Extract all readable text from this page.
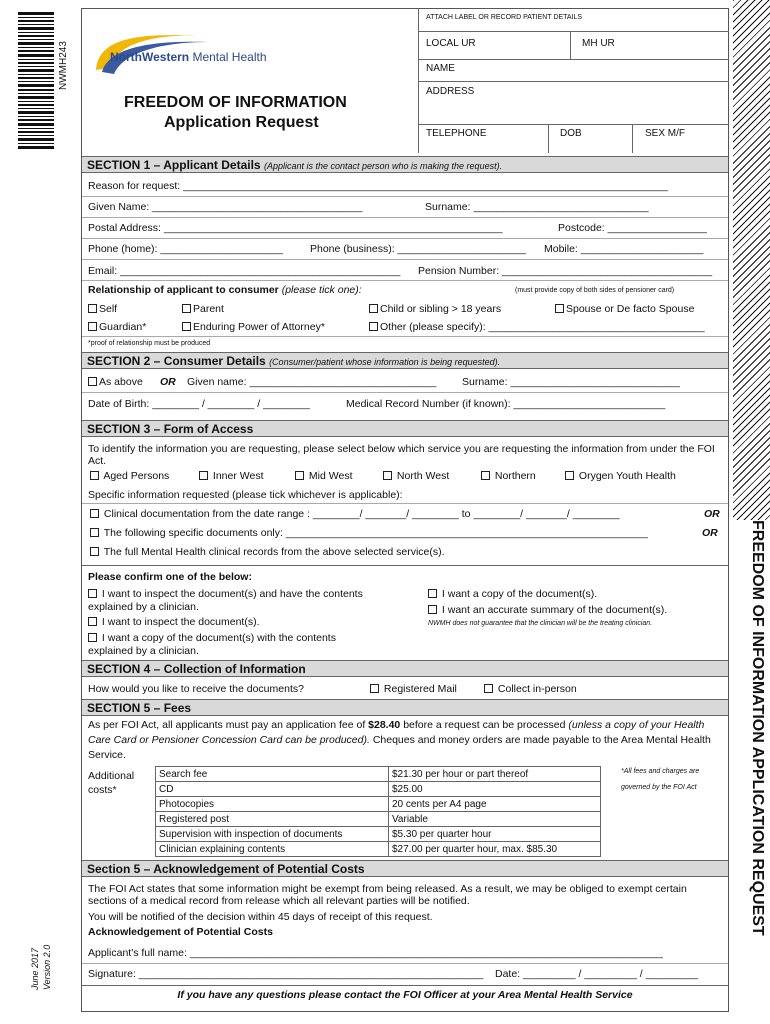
NWMH243
FREEDOM OF INFORMATION APPLICATION REQUEST
June 2017 Version 2.0
NorthWestern Mental Health
FREEDOM OF INFORMATION
Application Request
ATTACH LABEL OR RECORD PATIENT DETAILS
LOCAL UR	MH UR
NAME
ADDRESS
TELEPHONE	DOB	SEX M/F
SECTION 1 – Applicant Details (Applicant is the contact person who is making the request).
Reason for request: ___________________________________________________________________________________
Given Name: ____________________________________	Surname: ______________________________
Postal Address: __________________________________________________________	Postcode: _________________
Phone (home): _____________________	Phone (business): ______________________ Mobile: _____________________
Email: ________________________________________________ Pension Number: ____________________________________
Relationship of applicant to consumer (please tick one):	(must provide copy of both sides of pensioner card)
Self	Parent	Child or sibling > 18 years	Spouse or De facto Spouse
Guardian*	Enduring Power of Attorney*	Other (please specify): _____________________________________
*proof of relationship must be produced
SECTION 2 – Consumer Details (Consumer/patient whose information is being requested).
As above OR Given name: ________________________________ Surname: _____________________________
Date of Birth: ________ / ________ / ________	Medical Record Number (if known): __________________________
SECTION 3 – Form of Access
To identify the information you are requesting, please select below which service you are requesting the information from under the FOI Act.
Aged Persons	Inner West	Mid West	North West	Northern	Orygen Youth Health
Specific information requested (please tick whichever is applicable):
Clinical documentation from the date range : ________/ _______/ ________ to ________/ _______/ ________	OR
The following specific documents only: ______________________________________________________________	OR
The full Mental Health clinical records from the above selected service(s).
Please confirm one of the below:
I want to inspect the document(s) and have the contents
explained by a clinician.
I want to inspect the document(s).
I want a copy of the document(s) with the contents
explained by a clinician.
I want a copy of the document(s).
I want an accurate summary of the document(s).
NWMH does not guarantee that the clinician will be the treating clinician.
SECTION 4 – Collection of Information
How would you like to receive the documents?	Registered Mail	Collect in-person
SECTION 5 – Fees
As per FOI Act, all applicants must pay an application fee of $28.40 before a request can be processed (unless a copy of your Health Care Card or Pensioner Concession Card can be produced). Cheques and money orders are made payable to the Area Mental Health Service.
Additional
costs*
Search fee	$21.30 per hour or part thereof
CD	$25.00
Photocopies	20 cents per A4 page
Registered post	Variable
Supervision with inspection of documents	$5.30 per quarter hour
Clinician explaining contents	$27.00 per quarter hour, max. $85.30
*All fees and charges are
governed by the FOI Act
Section 5 – Acknowledgement of Potential Costs
The FOI Act states that some information might be exempt from being released. As a result, we may be obliged to exempt certain sections of a medical record from release which all relevant parties will be notified.
You will be notified of the decision within 45 days of receipt of this request.
Acknowledgement of Potential Costs
Applicant's full name: _________________________________________________________________________________
Signature: ___________________________________________________________ Date: _________ / _________ / _________
If you have any questions please contact the FOI Officer at your Area Mental Health Service
